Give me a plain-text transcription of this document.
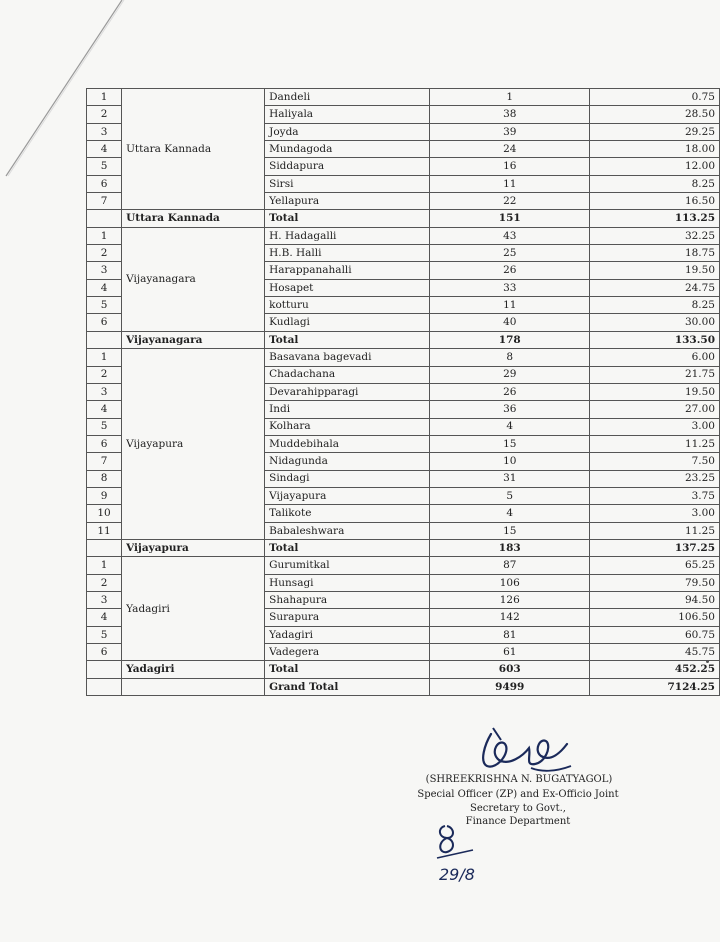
1	Uttara Kannada	Dandeli	1	0.75
2		Haliyala	38	28.50
3		Joyda	39	29.25
4		Mundagoda	24	18.00
5		Siddapura	16	12.00
6		Sirsi	11	8.25
7		Yellapura	22	16.50
	Uttara Kannada	Total	151	113.25
1	Vijayanagara	H. Hadagalli	43	32.25
2		H.B. Halli	25	18.75
3		Harappanahalli	26	19.50
4		Hosapet	33	24.75
5		kotturu	11	8.25
6		Kudlagi	40	30.00
	Vijayanagara	Total	178	133.50
1	Vijayapura	Basavana bagevadi	8	6.00
2		Chadachana	29	21.75
3		Devarahipparagi	26	19.50
4		Indi	36	27.00
5		Kolhara	4	3.00
6		Muddebihala	15	11.25
7		Nidagunda	10	7.50
8		Sindagi	31	23.25
9		Vijayapura	5	3.75
10		Talikote	4	3.00
11		Babaleshwara	15	11.25
	Vijayapura	Total	183	137.25
1	Yadagiri	Gurumitkal	87	65.25
2		Hunsagi	106	79.50
3		Shahapura	126	94.50
4		Surapura	142	106.50
5		Yadagiri	81	60.75
6		Vadegera	61	45.75
	Yadagiri	Total	603	452.25
		Grand Total	9499	7124.25
(SHREEKRISHNA N. BUGATYAGOL)
Special Officer (ZP) and Ex-Officio Joint
Secretary to Govt.,
Finance Department
29/8
